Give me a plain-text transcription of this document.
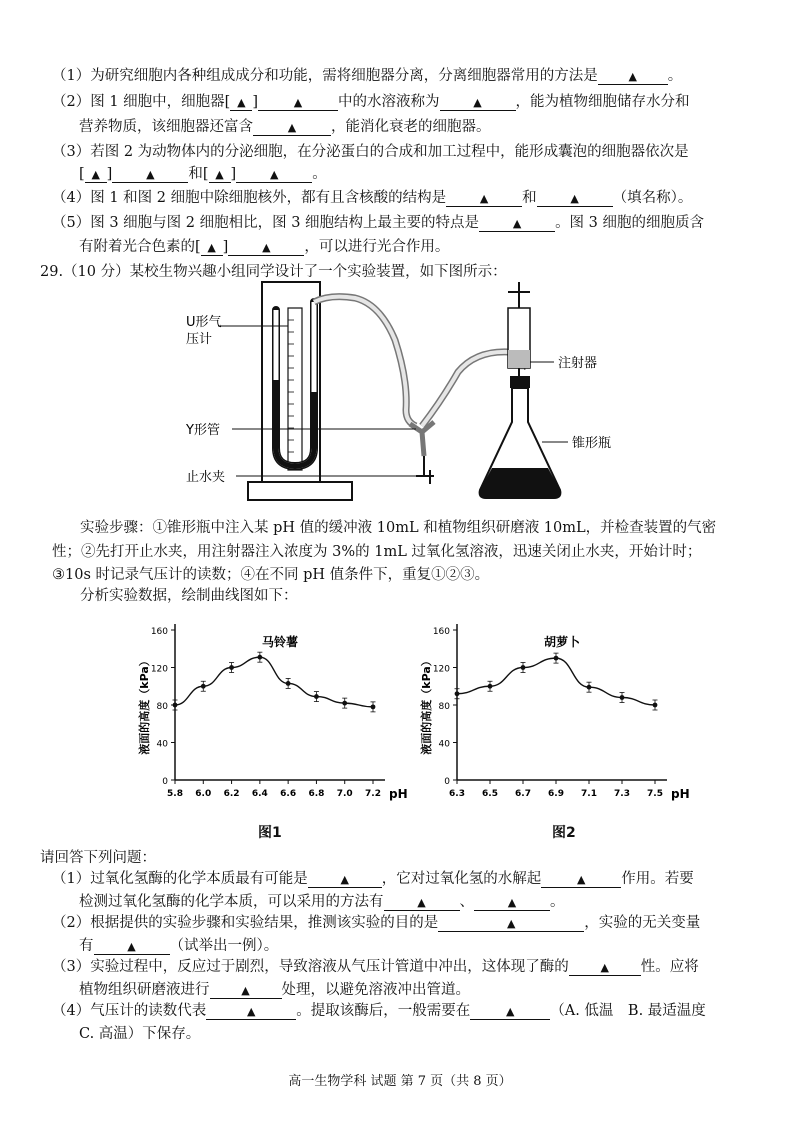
（1）为研究细胞内各种组成成分和功能，需将细胞器分离，分离细胞器常用的方法是	▲ 。
（2）图 1 细胞中，细胞器[ ▲ ]	▲ 中的水溶液称为	▲ ，能为植物细胞储存水分和
营养物质，该细胞器还富含	▲ ，能消化衰老的细胞器。
（3）若图 2 为动物体内的分泌细胞，在分泌蛋白的合成和加工过程中，能形成囊泡的细胞器依次是
[ ▲ ]	▲ 和[ ▲ ]	▲ 。
（4）图 1 和图 2 细胞中除细胞核外，都有且含核酸的结构是	▲ 和	▲ （填名称）。
（5）图 3 细胞与图 2 细胞相比，图 3 细胞结构上最主要的特点是	▲ 。图 3 细胞的细胞质含
有附着光合色素的[ ▲ ]	▲ ，可以进行光合作用。
29.（10 分）某校生物兴趣小组同学设计了一个实验装置，如下图所示：
U形气
压计
Y形管
止水夹
注射器
锥形瓶
实验步骤：①锥形瓶中注入某 pH 值的缓冲液 10mL 和植物组织研磨液 10mL，并检查装置的气密
性；②先打开止水夹，用注射器注入浓度为 3%的 1mL 过氧化氢溶液，迅速关闭止水夹，开始计时；
③10s 时记录气压计的读数；④在不同 pH 值条件下，重复①②③。
分析实验数据，绘制曲线图如下：
0
40
80
120
160
5.8 6.0 6.2 6.4 6.6 6.8 7.0 7.2 pH
液面的高度（kPa）
马铃薯
0
40
80
120
160
6.3 6.5 6.7 6.9 7.1 7.3 7.5 pH
液面的高度（kPa）
胡萝卜
图1	图2
请回答下列问题：
（1）过氧化氢酶的化学本质最有可能是	▲ ，它对过氧化氢的水解起	▲ 作用。若要
检测过氧化氢酶的化学本质，可以采用的方法有	▲ 、	▲ 。
（2）根据提供的实验步骤和实验结果，推测该实验的目的是	▲	，实验的无关变量
有	▲ （试举出一例）。
（3）实验过程中，反应过于剧烈，导致溶液从气压计管道中冲出，这体现了酶的	▲ 性。应将
植物组织研磨液进行	▲ 处理，以避免溶液冲出管道。
（4）气压计的读数代表	▲	。提取该酶后，一般需要在	▲ （A. 低温　B. 最适温度
C. 高温）下保存。
高一生物学科 试题 第 7 页（共 8 页）
